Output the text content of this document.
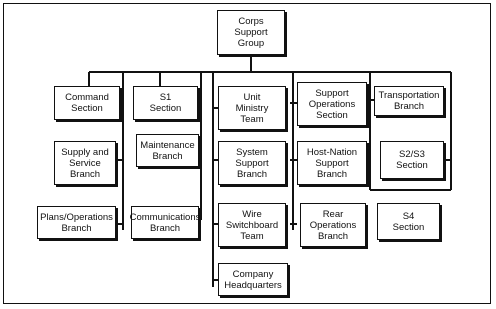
Corps
Support
Group
Command
Section
Supply and
Service
Branch
Plans/Operations
Branch
S1
Section
Maintenance
Branch
Communications
Branch
Unit
Ministry
Team
System
Support
Branch
Wire
Switchboard
Team
Company
Headquarters
Support
Operations
Section
Host-Nation
Support
Branch
Rear
Operations
Branch
Transportation
Branch
S2/S3
Section
S4
Section
